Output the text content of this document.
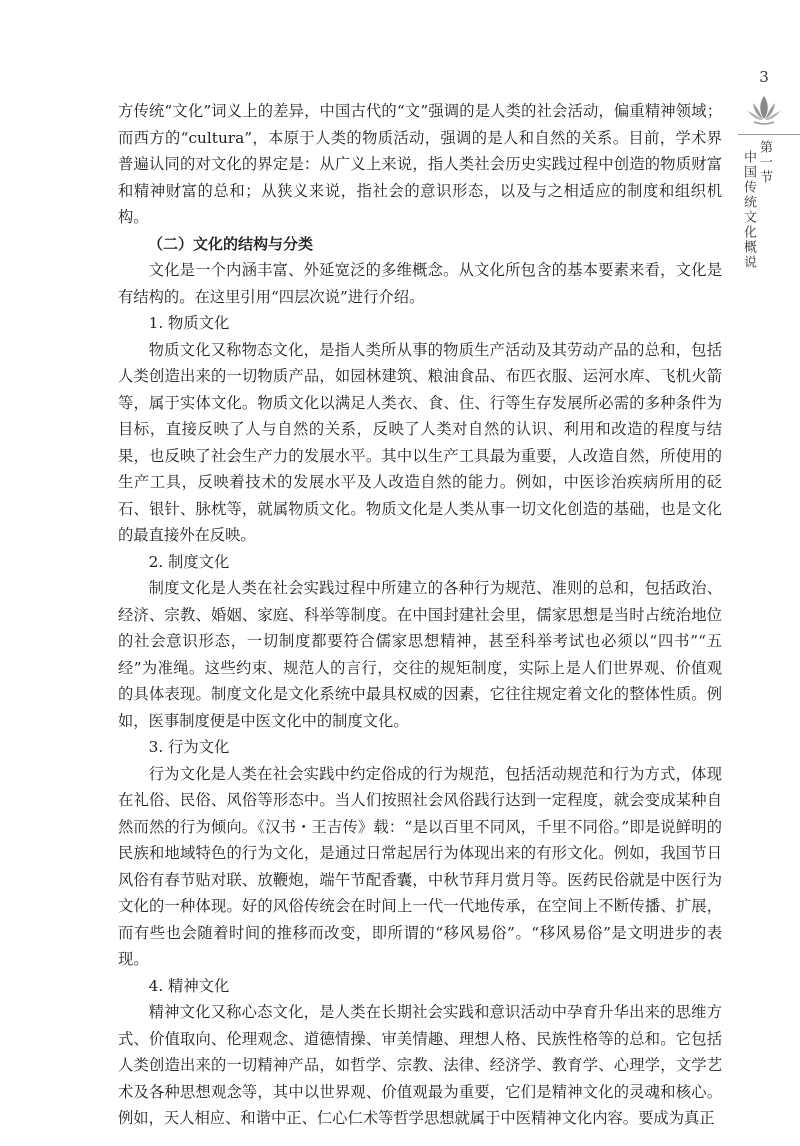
3
第一节
中国传统文化概说

方传统“文化”词义上的差异，中国古代的“文”强调的是人类的社会活动，偏重精神领域；而西方的“cultura”，本原于人类的物质活动，强调的是人和自然的关系。目前，学术界普遍认同的对文化的界定是：从广义上来说，指人类社会历史实践过程中创造的物质财富和精神财富的总和；从狭义来说，指社会的意识形态，以及与之相适应的制度和组织机构。

（二）文化的结构与分类

文化是一个内涵丰富、外延宽泛的多维概念。从文化所包含的基本要素来看，文化是有结构的。在这里引用“四层次说”进行介绍。

1. 物质文化

物质文化又称物态文化，是指人类所从事的物质生产活动及其劳动产品的总和，包括人类创造出来的一切物质产品，如园林建筑、粮油食品、布匹衣服、运河水库、飞机火箭等，属于实体文化。物质文化以满足人类衣、食、住、行等生存发展所必需的多种条件为目标，直接反映了人与自然的关系，反映了人类对自然的认识、利用和改造的程度与结果，也反映了社会生产力的发展水平。其中以生产工具最为重要，人改造自然，所使用的生产工具，反映着技术的发展水平及人改造自然的能力。例如，中医诊治疾病所用的砭石、银针、脉枕等，就属物质文化。物质文化是人类从事一切文化创造的基础，也是文化的最直接外在反映。

2. 制度文化

制度文化是人类在社会实践过程中所建立的各种行为规范、准则的总和，包括政治、经济、宗教、婚姻、家庭、科举等制度。在中国封建社会里，儒家思想是当时占统治地位的社会意识形态，一切制度都要符合儒家思想精神，甚至科举考试也必须以“四书”“五经”为准绳。这些约束、规范人的言行，交往的规矩制度，实际上是人们世界观、价值观的具体表现。制度文化是文化系统中最具权威的因素，它往往规定着文化的整体性质。例如，医事制度便是中医文化中的制度文化。

3. 行为文化

行为文化是人类在社会实践中约定俗成的行为规范，包括活动规范和行为方式，体现在礼俗、民俗、风俗等形态中。当人们按照社会风俗践行达到一定程度，就会变成某种自然而然的行为倾向。《汉书・王吉传》载：“是以百里不同风，千里不同俗。”即是说鲜明的民族和地域特色的行为文化，是通过日常起居行为体现出来的有形文化。例如，我国节日风俗有春节贴对联、放鞭炮，端午节配香囊，中秋节拜月赏月等。医药民俗就是中医行为文化的一种体现。好的风俗传统会在时间上一代一代地传承，在空间上不断传播、扩展，而有些也会随着时间的推移而改变，即所谓的“移风易俗”。“移风易俗”是文明进步的表现。

4. 精神文化

精神文化又称心态文化，是人类在长期社会实践和意识活动中孕育升华出来的思维方式、价值取向、伦理观念、道德情操、审美情趣、理想人格、民族性格等的总和。它包括人类创造出来的一切精神产品，如哲学、宗教、法律、经济学、教育学、心理学，文学艺术及各种思想观念等，其中以世界观、价值观最为重要，它们是精神文化的灵魂和核心。例如，天人相应、和谐中正、仁心仁术等哲学思想就属于中医精神文化内容。要成为真正
